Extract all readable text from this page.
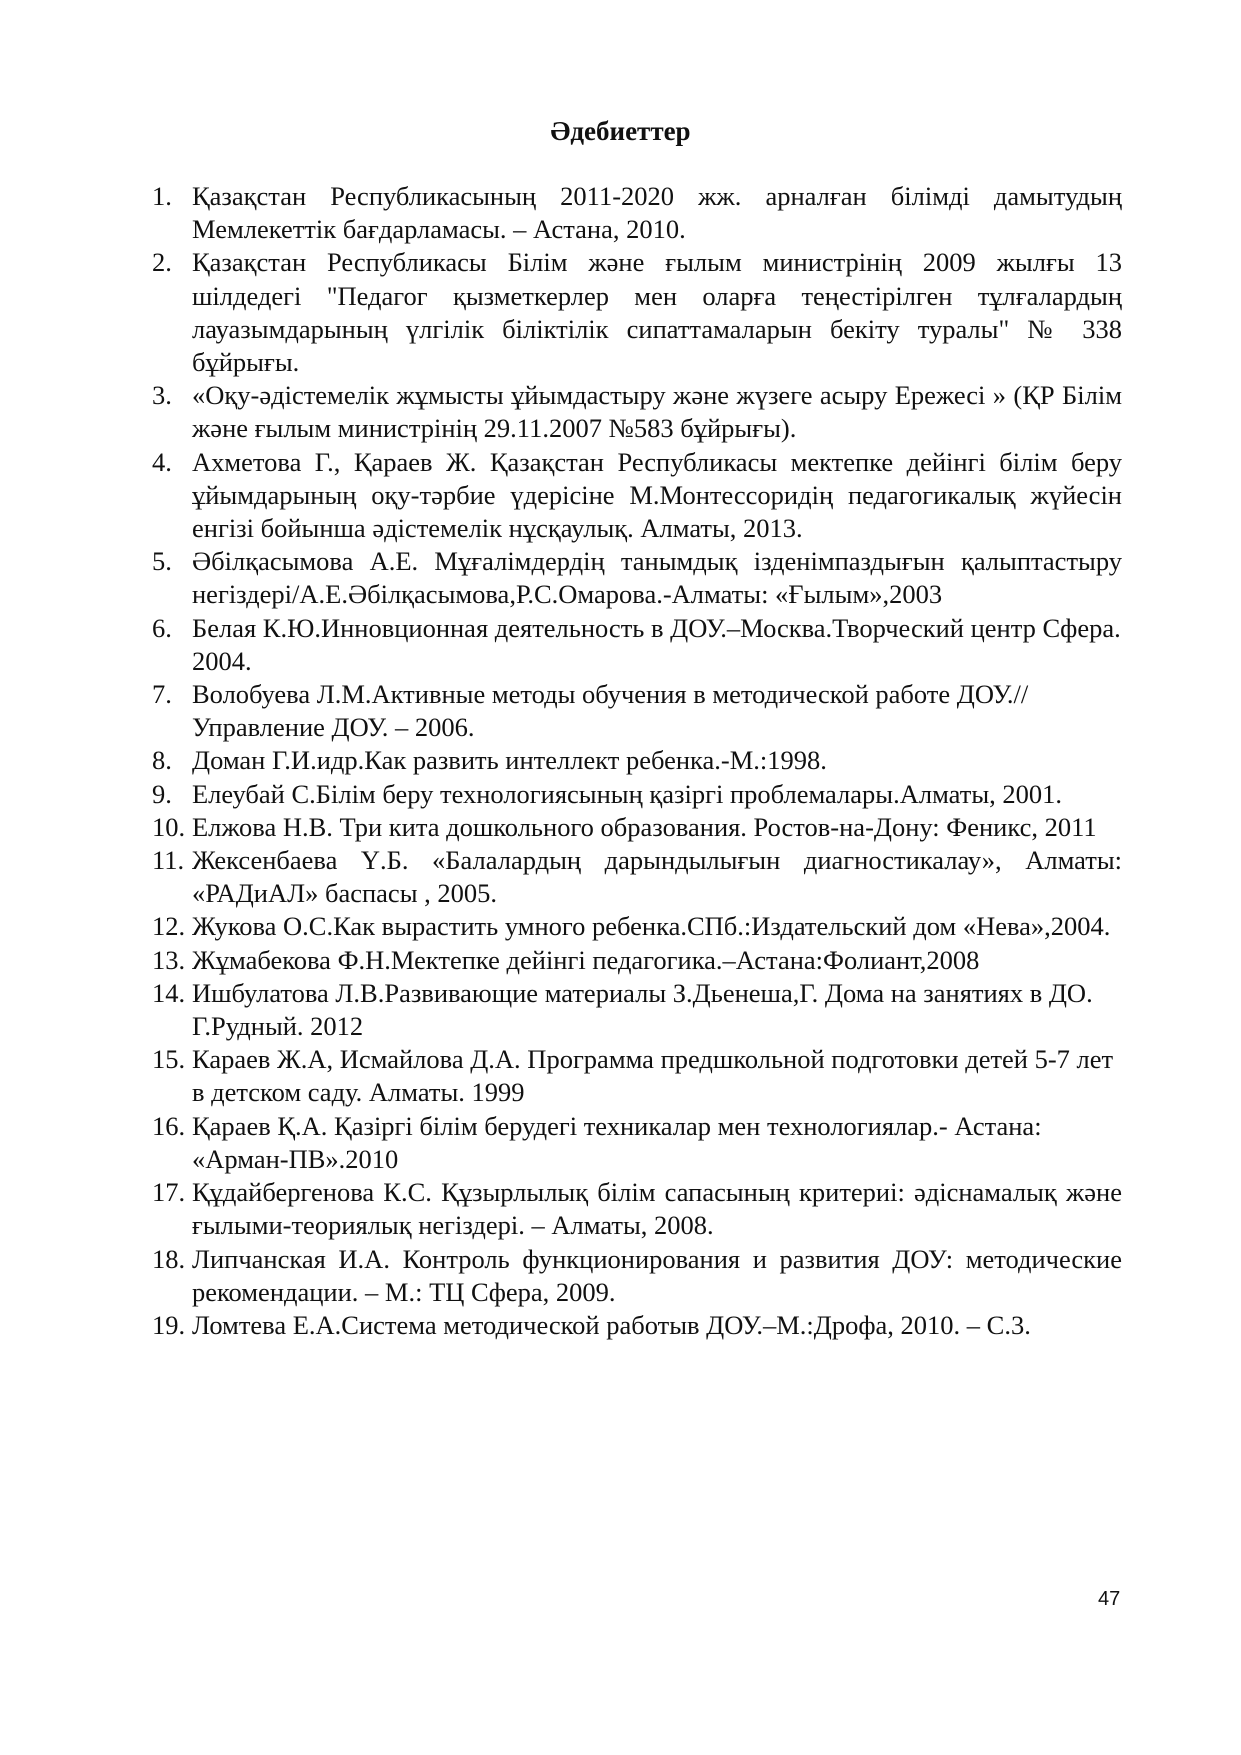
Әдебиеттер
1. Қазақстан Республикасының 2011-2020 жж. арналған білімді дамытудың Мемлекеттік бағдарламасы. – Астана, 2010.
2. Қазақстан Республикасы Білім және ғылым министрінің 2009 жылғы 13 шілдедегі "Педагог қызметкерлер мен оларға теңестірілген тұлғалардың лауазымдарының үлгілік біліктілік сипаттамаларын бекіту туралы" № 338 бұйрығы.
3. «Оқу-әдістемелік жұмысты ұйымдастыру және жүзеге асыру Ережесі » (ҚР Білім және ғылым министрінің 29.11.2007 №583 бұйрығы).
4. Ахметова Г., Қараев Ж. Қазақстан Республикасы мектепке дейінгі білім беру ұйымдарының оқу-тәрбие үдерісіне М.Монтессоридің педагогикалық жүйесін енгізі бойынша әдістемелік нұсқаулық. Алматы, 2013.
5. Әбілқасымова А.Е. Мұғалімдердің танымдық ізденімпаздығын қалыптастыру негіздері/А.Е.Әбілқасымова,Р.С.Омарова.-Алматы: «Ғылым»,2003
6. Белая К.Ю.Инновционная деятельность в ДОУ.–Москва.Творческий центр Сфера. 2004.
7. Волобуева Л.М.Активные методы обучения в методической работе ДОУ.// Управление ДОУ. – 2006.
8. Доман Г.И.идр.Как развить интеллект ребенка.-М.:1998.
9. Елеубай С.Білім беру технологиясының қазіргі проблемалары.Алматы, 2001.
10. Елжова Н.В. Три кита дошкольного образования. Ростов-на-Дону: Феникс, 2011
11. Жексенбаева Ү.Б. «Балалардың дарындылығын диагностикалау», Алматы: «РАДиАЛ» баспасы , 2005.
12. Жукова О.С.Как вырастить умного ребенка.СПб.:Издательский дом «Нева»,2004.
13. Жұмабекова Ф.Н.Мектепке дейінгі педагогика.–Астана:Фолиант,2008
14. Ишбулатова Л.В.Развивающие материалы З.Дьенеша,Г. Дома на занятиях в ДО. Г.Рудный. 2012
15. Караев Ж.А, Исмайлова Д.А. Программа предшкольной подготовки детей 5-7 лет в детском саду. Алматы. 1999
16. Қараев Қ.А. Қазіргі білім берудегі техникалар мен технологиялар.- Астана: «Арман-ПВ».2010
17. Құдайбергенова К.С. Құзырлылық білім сапасының критериі: әдіснамалық және ғылыми-теориялық негіздері. – Алматы, 2008.
18. Липчанская И.А. Контроль функционирования и развития ДОУ: методические рекомендации. – М.: ТЦ Сфера, 2009.
19. Ломтева Е.А.Система методической работыв ДОУ.–М.:Дрофа, 2010. – С.3.
47
